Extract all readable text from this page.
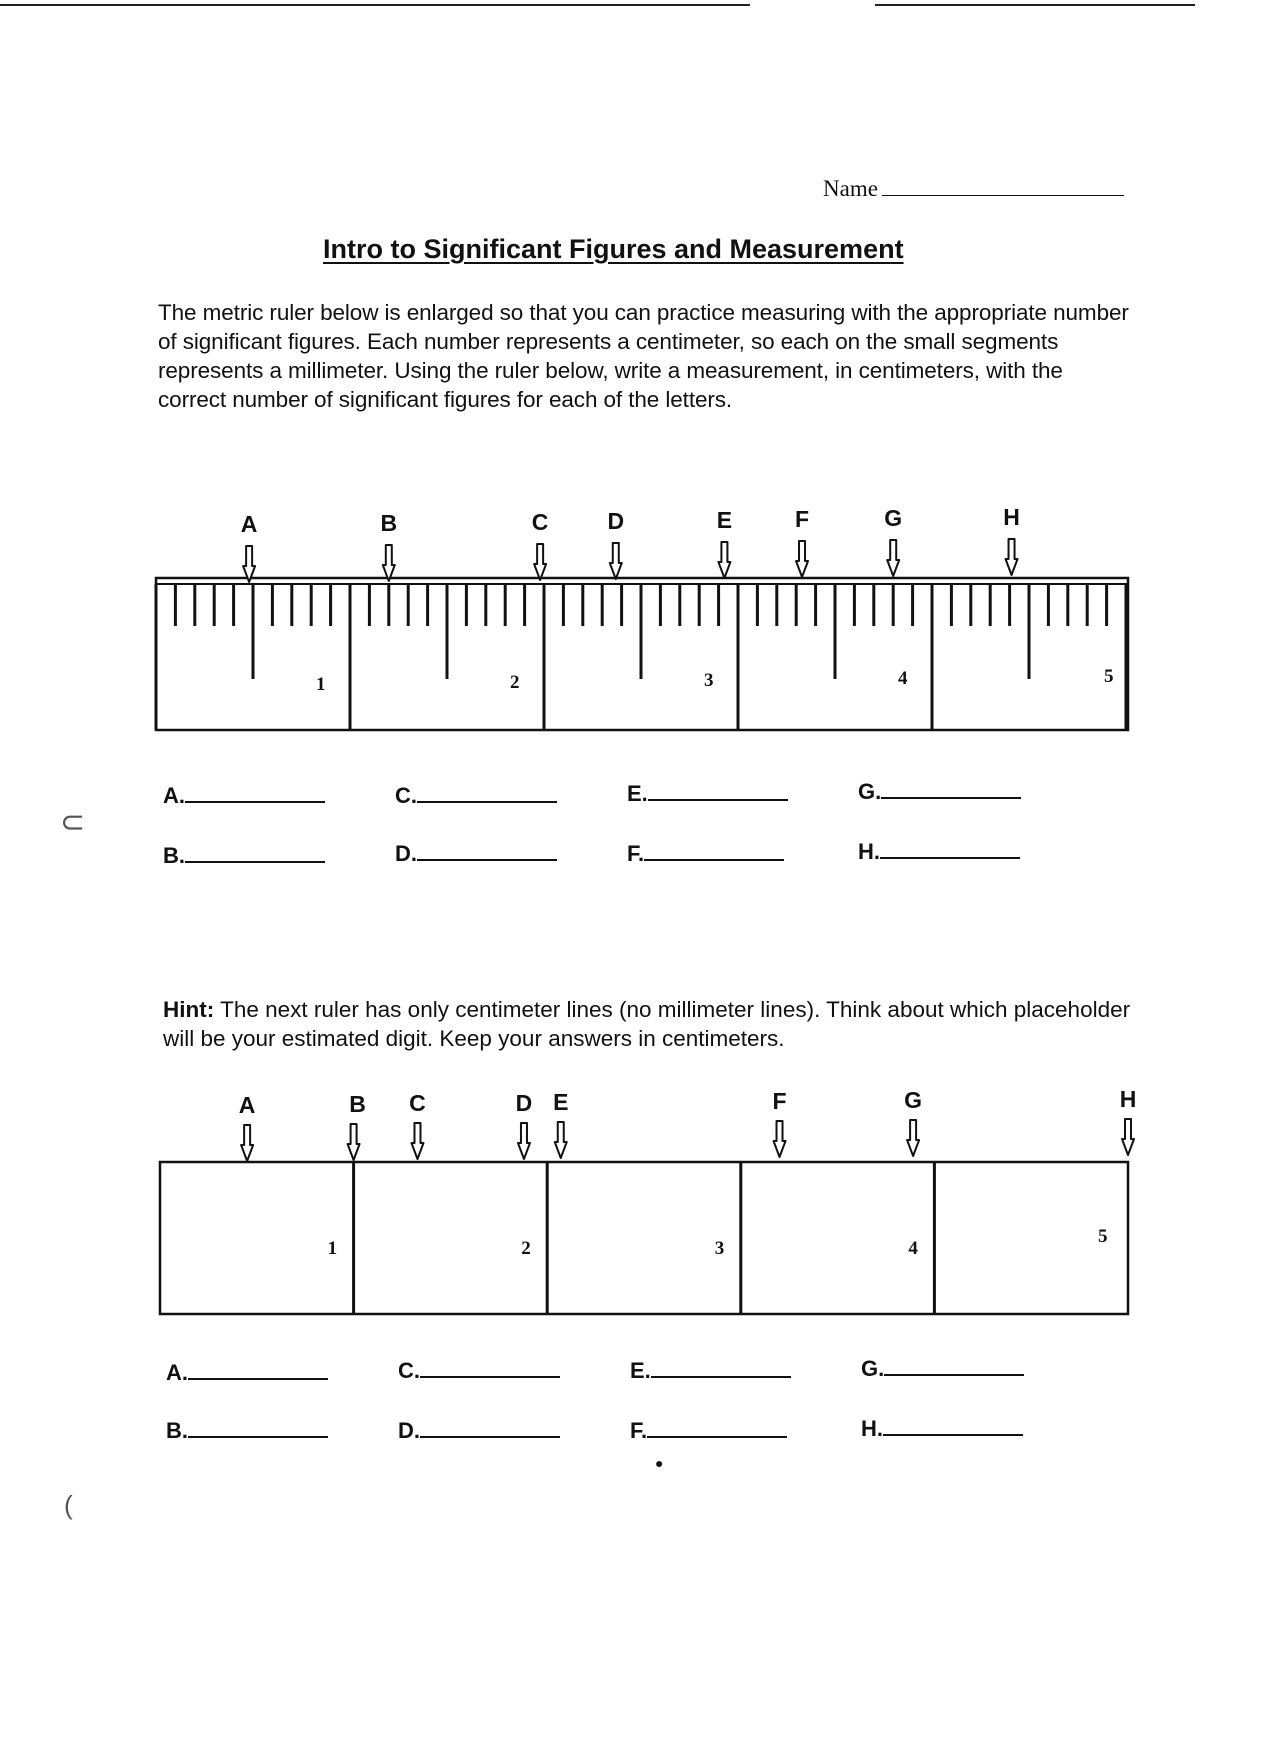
Name
Intro to Significant Figures and Measurement
The metric ruler below is enlarged so that you can practice measuring with the appropriate number of significant figures. Each number represents a centimeter, so each on the small segments represents a millimeter. Using the ruler below, write a measurement, in centimeters, with the correct number of significant figures for each of the letters.
1	2	3	4	5
A	B	C	D	E	F	G	H
1	2	3	4
5
A	B C	D E	F	G	H
Hint: The next ruler has only centimeter lines (no millimeter lines). Think about which placeholder will be your estimated digit. Keep your answers in centimeters.
A.	C.	E.	G.
B.	D.	F.	H.
A.	C.	E.	G.
B.	D.	F.	H.
⊂
(
●
